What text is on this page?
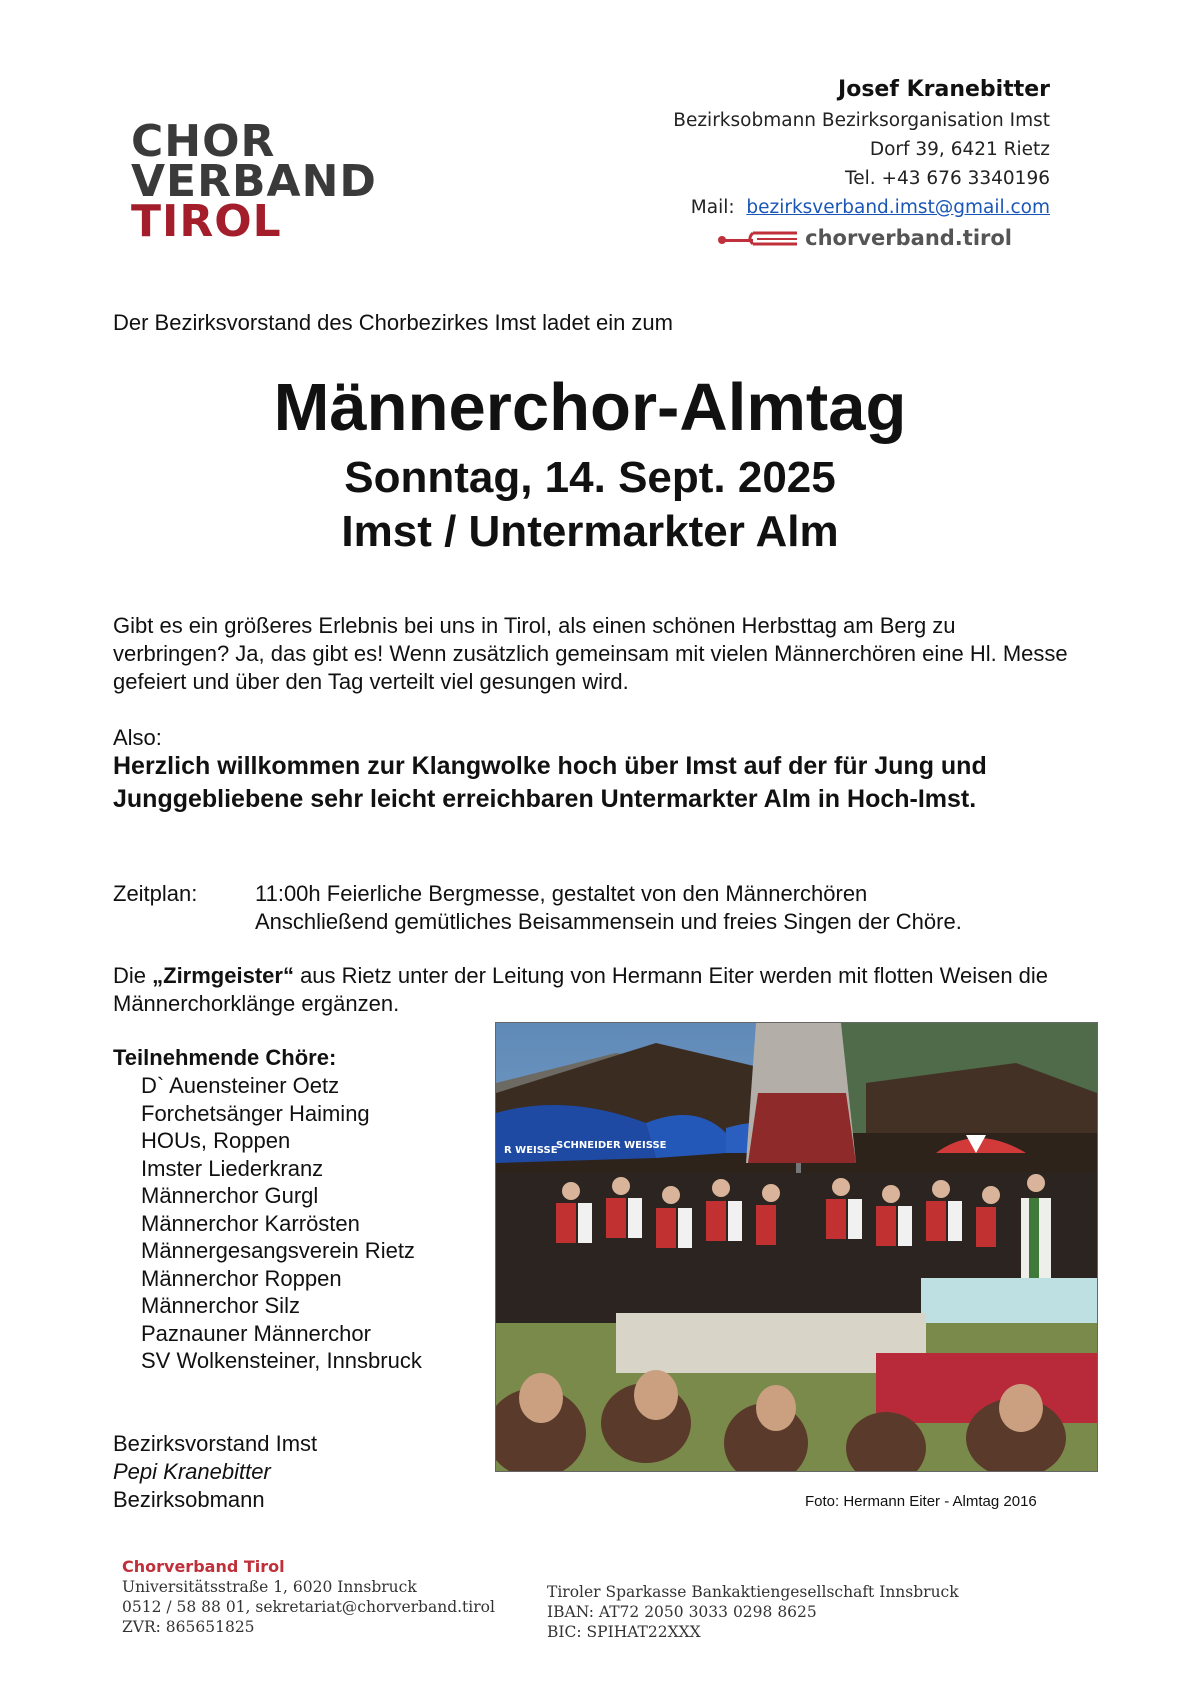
CHOR
VERBAND
TIROL
Josef Kranebitter
Bezirksobmann Bezirksorganisation Imst
Dorf 39, 6421 Rietz
Tel. +43 676 3340196
Mail: bezirksverband.imst@gmail.com
chorverband.tirol
Der Bezirksvorstand des Chorbezirkes Imst ladet ein zum
Männerchor-Almtag
Sonntag, 14. Sept. 2025
Imst / Untermarkter Alm
Gibt es ein größeres Erlebnis bei uns in Tirol, als einen schönen Herbsttag am Berg zu verbringen? Ja, das gibt es! Wenn zusätzlich gemeinsam mit vielen Männerchören eine Hl. Messe gefeiert und über den Tag verteilt viel gesungen wird.
Also:
Herzlich willkommen zur Klangwolke hoch über Imst auf der für Jung und Junggebliebene sehr leicht erreichbaren Untermarkter Alm in Hoch-Imst.
Zeitplan:	11:00h Feierliche Bergmesse, gestaltet von den Männerchören
Anschließend gemütliches Beisammensein und freies Singen der Chöre.
Die „Zirmgeister“ aus Rietz unter der Leitung von Hermann Eiter werden mit flotten Weisen die Männerchorklänge ergänzen.
Teilnehmende Chöre:
D` Auensteiner Oetz
Forchetsänger Haiming
HOUs, Roppen
Imster Liederkranz
Männerchor Gurgl
Männerchor Karrösten
Männergesangsverein Rietz
Männerchor Roppen
Männerchor Silz
Paznauner Männerchor
SV Wolkensteiner, Innsbruck
Bezirksvorstand Imst
Pepi Kranebitter
Bezirksobmann
R WEISSE
SCHNEIDER WEISSE
Foto: Hermann Eiter - Almtag 2016
Chorverband Tirol
Universitätsstraße 1, 6020 Innsbruck
0512 / 58 88 01, sekretariat@chorverband.tirol
ZVR: 865651825
Tiroler Sparkasse Bankaktiengesellschaft Innsbruck
IBAN: AT72 2050 3033 0298 8625
BIC: SPIHAT22XXX
